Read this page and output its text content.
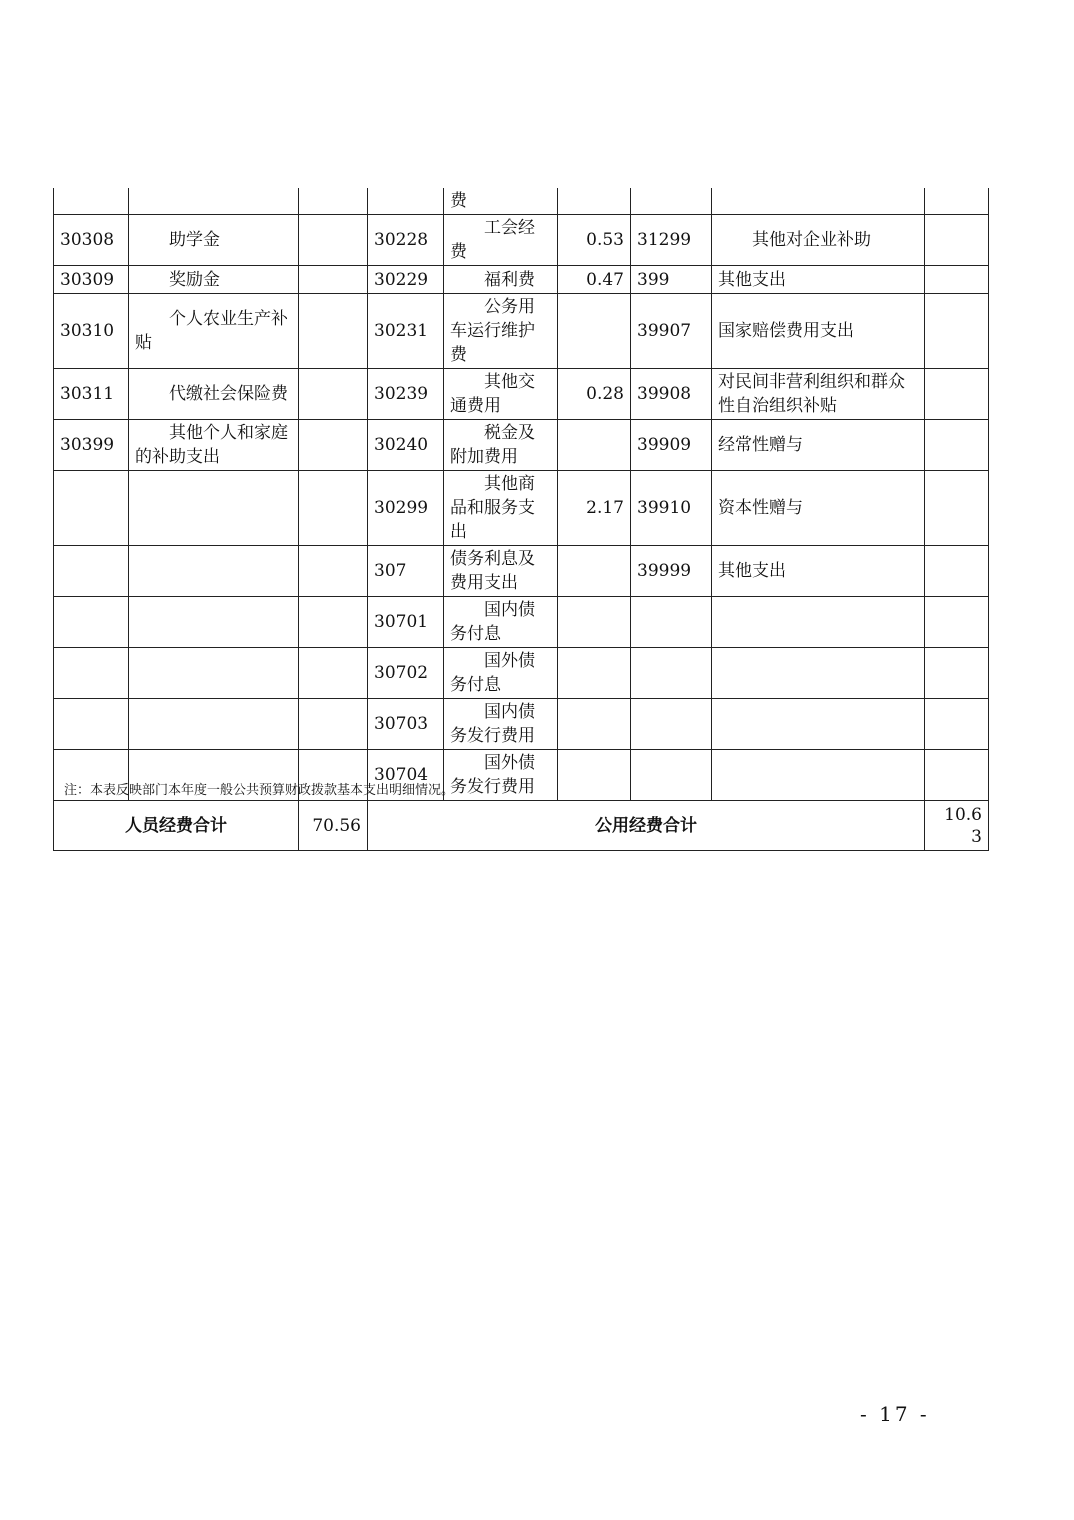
				费				
30308	助学金		30228	工会经费	0.53	31299	其他对企业补助	

30309	奖励金		30229	福利费	0.47	399	其他支出	
30310	个人农业生产补贴		30231	公务用车运行维护费		39907	国家赔偿费用支出	
30311	代缴社会保险费		30239	其他交通费用	0.28	39908	对民间非营利组织和群众性自治组织补贴	
30399	其他个人和家庭的补助支出		30240	税金及附加费用		39909	经常性赠与	
			30299	其他商品和服务支出	2.17	39910	资本性赠与	
			307	债务利息及费用支出		39999	其他支出	
			30701	国内债务付息				

			30702	国外债务付息				

			30703	国内债务发行费用				

			30704	国外债务发行费用				

人员经费合计		70.56	公用经费合计					10.6
3
注：本表反映部门本年度一般公共预算财政拨款基本支出明细情况。
- 17 -
